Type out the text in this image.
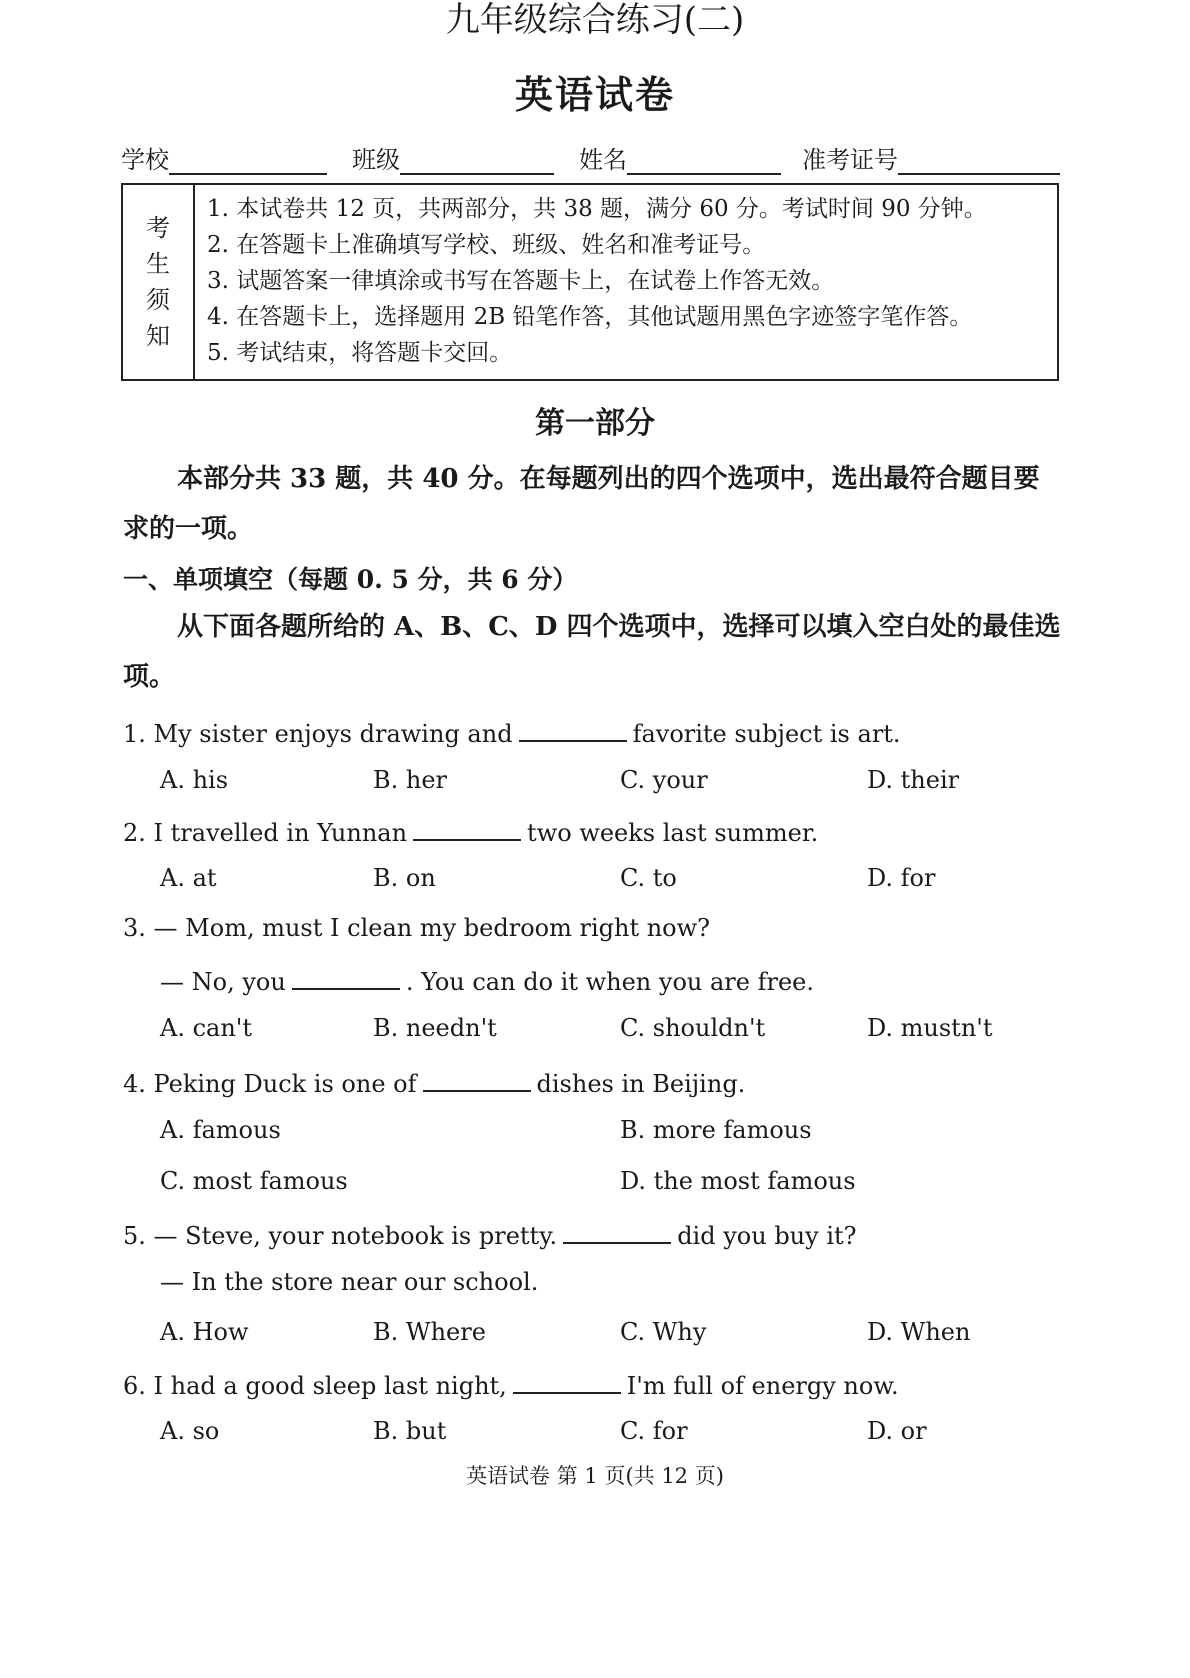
九年级综合练习(二)
英语试卷
学校	班级	姓名	准考证号
考
生
须
知
1. 本试卷共 12 页，共两部分，共 38 题，满分 60 分。考试时间 90 分钟。
2. 在答题卡上准确填写学校、班级、姓名和准考证号。
3. 试题答案一律填涂或书写在答题卡上，在试卷上作答无效。
4. 在答题卡上，选择题用 2B 铅笔作答，其他试题用黑色字迹签字笔作答。
5. 考试结束，将答题卡交回。
第一部分
本部分共 33 题，共 40 分。在每题列出的四个选项中，选出最符合题目要求的一项。
一、单项填空（每题 0. 5 分，共 6 分）
从下面各题所给的 A、B、C、D 四个选项中，选择可以填入空白处的最佳选项。
1. My sister enjoys drawing and	favorite subject is art.
A. his	B. her	C. your	D. their
2. I travelled in Yunnan	two weeks last summer.
A. at	B. on	C. to	D. for
3. — Mom, must I clean my bedroom right now?
— No, you	. You can do it when you are free.
A. can't	B. needn't	C. shouldn't	D. mustn't
4. Peking Duck is one of	dishes in Beijing.
A. famous	B. more famous
C. most famous	D. the most famous
5. — Steve, your notebook is pretty.	did you buy it?
— In the store near our school.
A. How	B. Where	C. Why	D. When
6. I had a good sleep last night,	I'm full of energy now.
A. so	B. but	C. for	D. or
英语试卷 第 1 页(共 12 页)
